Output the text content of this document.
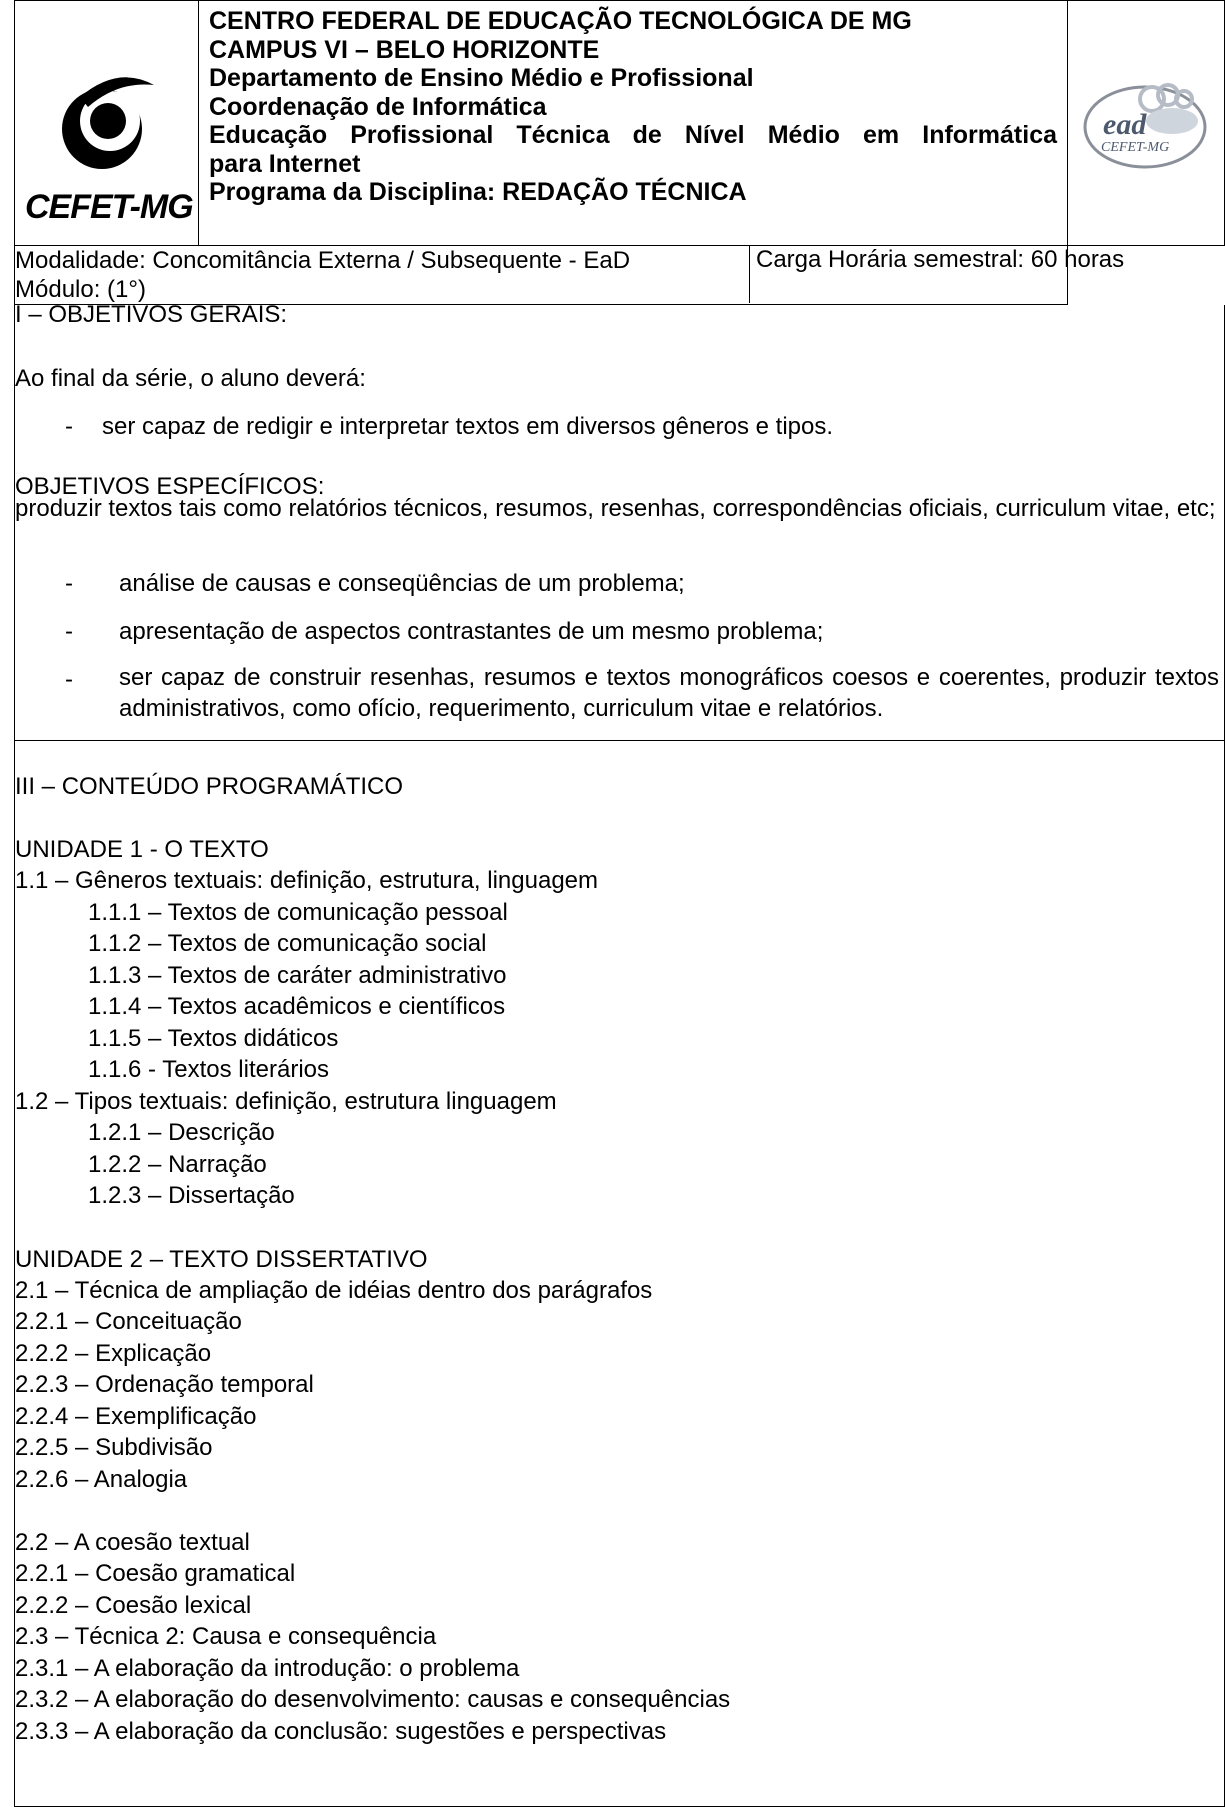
CEFET-MG

CENTRO FEDERAL DE EDUCAÇÃO TECNOLÓGICA DE MG
CAMPUS VI – BELO HORIZONTE
Departamento de Ensino Médio e Profissional
Coordenação de Informática
Educação Profissional Técnica de Nível Médio em Informática
para Internet
Programa da Disciplina: REDAÇÃO TÉCNICA

ead
CEFET-MG

Modalidade: Concomitância Externa / Subsequente - EaD
Módulo: (1°)
Carga Horária semestral: 60 horas
I – OBJETIVOS GERAIS:
Ao final da série, o aluno deverá:
- ser capaz de redigir e interpretar textos em diversos gêneros e tipos.
OBJETIVOS ESPECÍFICOS:
produzir textos tais como relatórios técnicos, resumos, resenhas, correspondências oficiais, curriculum vitae, etc;
- análise de causas e conseqüências de um problema;
- apresentação de aspectos contrastantes de um mesmo problema;
- ser capaz de construir resenhas, resumos e textos monográficos coesos e coerentes, produzir textos administrativos, como ofício, requerimento, curriculum vitae e relatórios.
III – CONTEÚDO PROGRAMÁTICO
UNIDADE 1 - O TEXTO
1.1 – Gêneros textuais: definição, estrutura, linguagem
1.1.1 – Textos de comunicação pessoal
1.1.2 – Textos de comunicação social
1.1.3 – Textos de caráter administrativo
1.1.4 – Textos acadêmicos e científicos
1.1.5 – Textos didáticos
1.1.6 - Textos literários
1.2 – Tipos textuais: definição, estrutura linguagem
1.2.1 – Descrição
1.2.2 – Narração
1.2.3 – Dissertação
UNIDADE 2 – TEXTO DISSERTATIVO
2.1 – Técnica de ampliação de idéias dentro dos parágrafos
2.2.1 – Conceituação
2.2.2 – Explicação
2.2.3 – Ordenação temporal
2.2.4 – Exemplificação
2.2.5 – Subdivisão
2.2.6 – Analogia
2.2 – A coesão textual
2.2.1 – Coesão gramatical
2.2.2 – Coesão lexical
2.3 – Técnica 2: Causa e consequência
2.3.1 – A elaboração da introdução: o problema
2.3.2 – A elaboração do desenvolvimento: causas e consequências
2.3.3 – A elaboração da conclusão: sugestões e perspectivas
